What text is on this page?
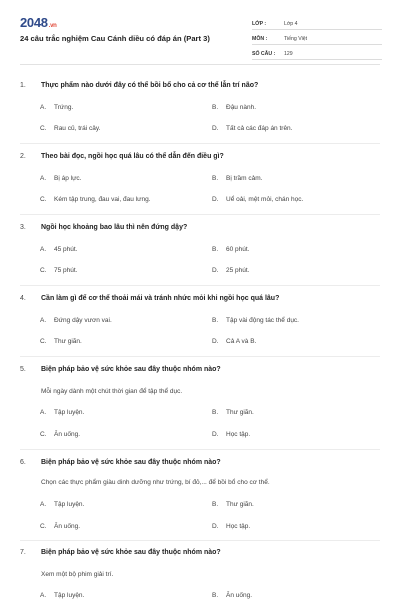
2048.vn
24 câu trắc nghiệm Cau Cánh diều có đáp án (Part 3)
LỚP :	Lớp 4
MÔN :	Tiếng Việt
SỐ CÂU :	129
1. Thực phẩm nào dưới đây có thể bồi bổ cho cả cơ thể lẫn trí não?
A. Trứng.	B. Đậu nành.
C. Rau củ, trái cây.	D. Tất cả các đáp án trên.
2. Theo bài đọc, ngồi học quá lâu có thể dẫn đến điều gì?
A. Bị áp lực.	B. Bị trầm cảm.
C. Kém tập trung, đau vai, đau lưng.	D. Uể oải, mệt mỏi, chán học.
3. Ngồi học khoảng bao lâu thì nên đứng dậy?
A. 45 phút.	B. 60 phút.
C. 75 phút.	D. 25 phút.
4. Cần làm gì để cơ thể thoải mái và tránh nhức mỏi khi ngồi học quá lâu?
A. Đứng dậy vươn vai.	B. Tập vài động tác thể dục.
C. Thư giãn.	D. Cả A và B.
5. Biện pháp bảo vệ sức khỏe sau đây thuộc nhóm nào?
Mỗi ngày dành một chút thời gian để tập thể dục.
A. Tập luyện.	B. Thư giãn.
C. Ăn uống.	D. Học tập.
6. Biện pháp bảo vệ sức khỏe sau đây thuộc nhóm nào?
Chọn các thực phẩm giàu dinh dưỡng như trứng, bí đỏ,... để bồi bổ cho cơ thể.
A. Tập luyện.	B. Thư giãn.
C. Ăn uống.	D. Học tập.
7. Biện pháp bảo vệ sức khỏe sau đây thuộc nhóm nào?
Xem một bộ phim giải trí.
A. Tập luyện.	B. Ăn uống.
